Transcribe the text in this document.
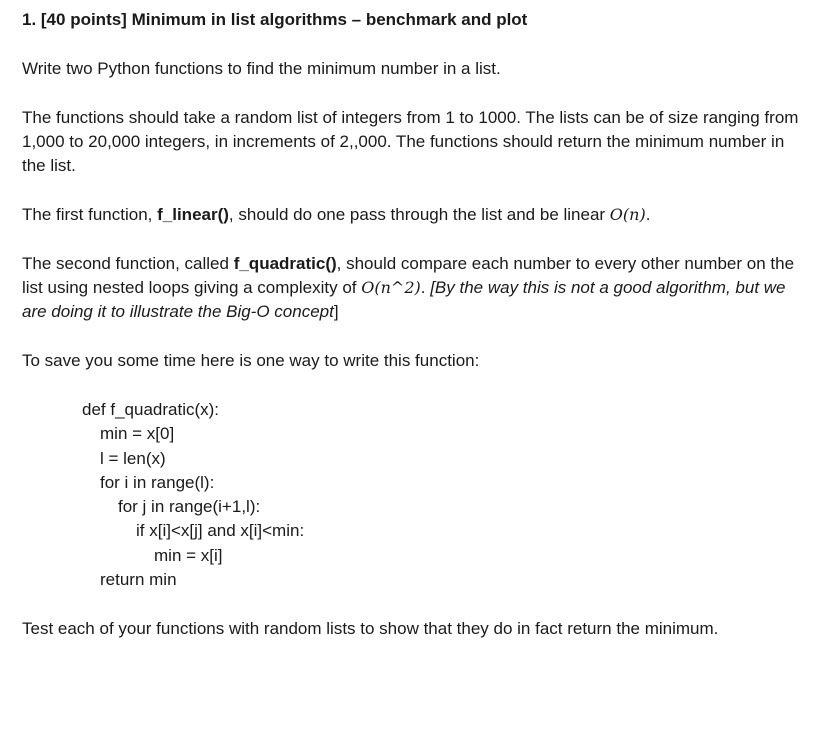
1. [40 points] Minimum in list algorithms – benchmark and plot

Write two Python functions to find the minimum number in a list.

The functions should take a random list of integers from 1 to 1000. The lists can be of size ranging from 1,000 to 20,000 integers, in increments of 2,,000. The functions should return the minimum number in the list.

The first function, f_linear(), should do one pass through the list and be linear O(n).

The second function, called f_quadratic(), should compare each number to every other number on the list using nested loops giving a complexity of O(n^2). [By the way this is not a good algorithm, but we are doing it to illustrate the Big-O concept]

To save you some time here is one way to write this function:

def f_quadratic(x):
min = x[0]
l = len(x)
for i in range(l):
for j in range(i+1,l):
if x[i]<x[j] and x[i]<min:
min = x[i]
return min

Test each of your functions with random lists to show that they do in fact return the minimum.
